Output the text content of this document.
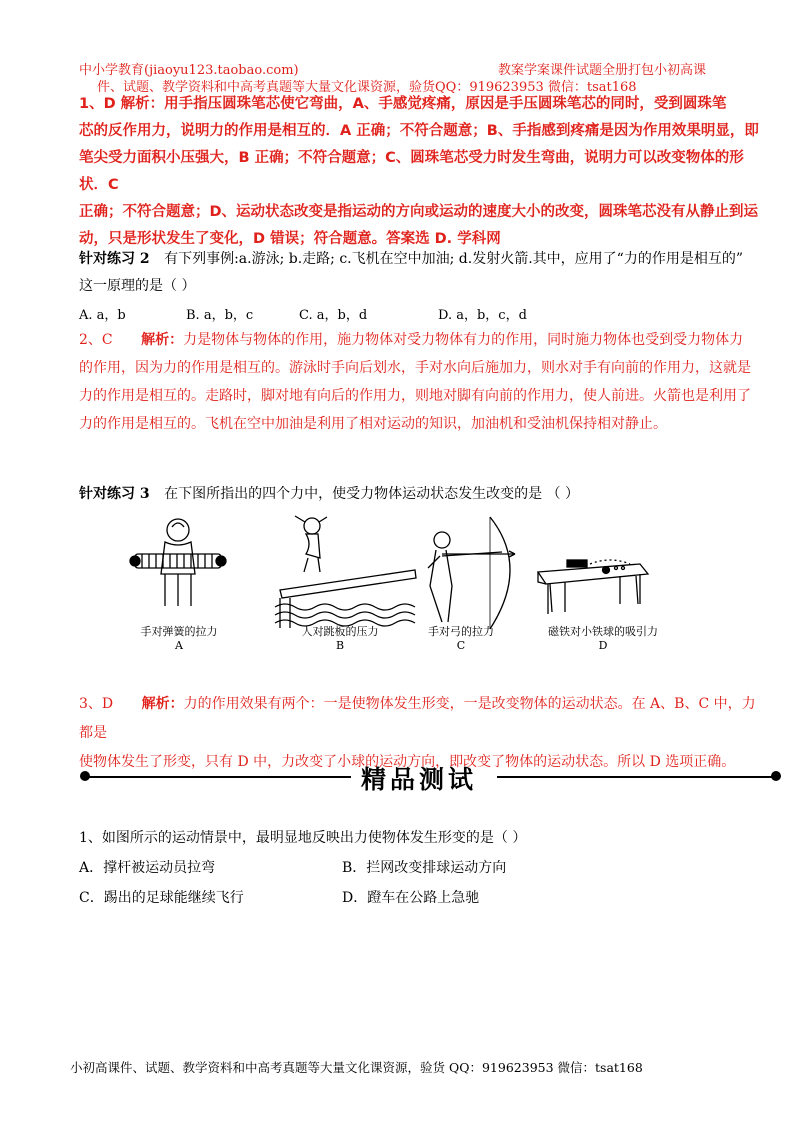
中小学教育(jiaoyu123.taobao.com)	教案学案课件试题全册打包小初高课
件、试题、教学资料和中高考真题等大量文化课资源，验货QQ：919623953 微信：tsat168
1、D 解析：用手指压圆珠笔芯使它弯曲，A、手感觉疼痛，原因是手压圆珠笔芯的同时，受到圆珠笔
芯的反作用力，说明力的作用是相互的．A 正确；不符合题意；B、手指感到疼痛是因为作用效果明显，即
笔尖受力面积小压强大，B 正确；不符合题意；C、圆珠笔芯受力时发生弯曲，说明力可以改变物体的形状．C
正确；不符合题意；D、运动状态改变是指运动的方向或运动的速度大小的改变，圆珠笔芯没有从静止到运
动，只是形状发生了变化，D 错误；符合题意。答案选 D. 学科网
针对练习 2 有下列事例:a.游泳; b.走路; c.飞机在空中加油; d.发射火箭.其中，应用了“力的作用是相互的”
这一原理的是（ ）
A. a，b	B. a，b，c	C. a，b，d	D. a，b，c，d
2、C 解析：力是物体与物体的作用，施力物体对受力物体有力的作用，同时施力物体也受到受力物体力
的作用，因为力的作用是相互的。游泳时手向后划水，手对水向后施加力，则水对手有向前的作用力，这就是
力的作用是相互的。走路时，脚对地有向后的作用力，则地对脚有向前的作用力，使人前进。火箭也是利用了
力的作用是相互的。飞机在空中加油是利用了相对运动的知识，加油机和受油机保持相对静止。
针对练习 3 在下图所指出的四个力中，使受力物体运动状态发生改变的是 （ ）
手对弹簧的拉力
A
人对跳板的压力
B
手对弓的拉力
C
磁铁对小铁球的吸引力
D
3、D 解析：力的作用效果有两个：一是使物体发生形变，一是改变物体的运动状态。在 A、B、C 中，力都是
使物体发生了形变，只有 D 中，力改变了小球的运动方向，即改变了物体的运动状态。所以 D 选项正确。
精品测试
1、如图所示的运动情景中，最明显地反映出力使物体发生形变的是（ ）
A．撑杆被运动员拉弯	B．拦网改变排球运动方向
C．踢出的足球能继续飞行	D．蹬车在公路上急驰
小初高课件、试题、教学资料和中高考真题等大量文化课资源，验货 QQ：919623953 微信：tsat168
